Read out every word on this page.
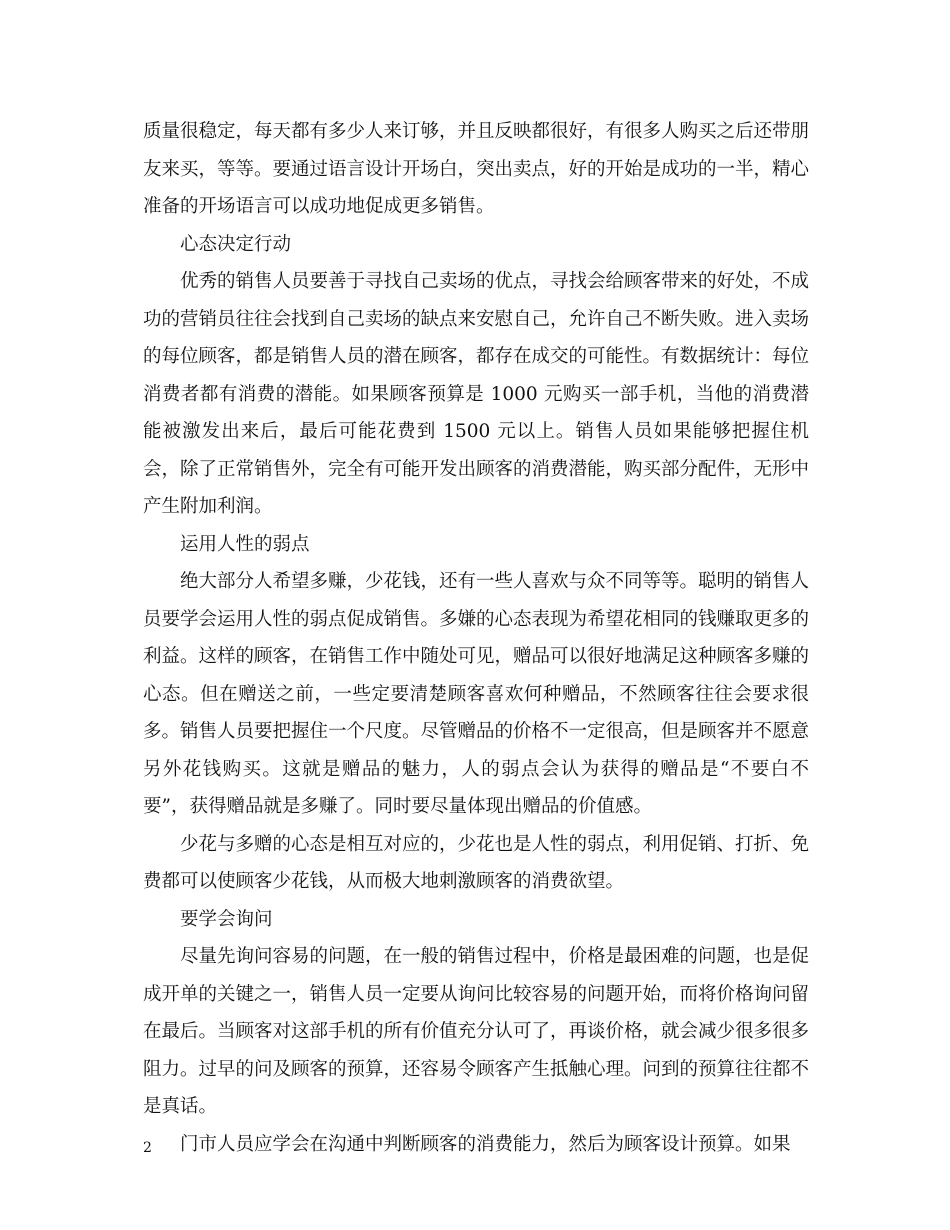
质量很稳定，每天都有多少人来订够，并且反映都很好，有很多人购买之后还带朋友来买，等等。要通过语言设计开场白，突出卖点，好的开始是成功的一半，精心准备的开场语言可以成功地促成更多销售。

心态决定行动

优秀的销售人员要善于寻找自己卖场的优点，寻找会给顾客带来的好处，不成功的营销员往往会找到自己卖场的缺点来安慰自己，允许自己不断失败。进入卖场的每位顾客，都是销售人员的潜在顾客，都存在成交的可能性。有数据统计：每位消费者都有消费的潜能。如果顾客预算是 1000 元购买一部手机，当他的消费潜能被激发出来后，最后可能花费到 1500 元以上。销售人员如果能够把握住机会，除了正常销售外，完全有可能开发出顾客的消费潜能，购买部分配件，无形中产生附加利润。

运用人性的弱点

绝大部分人希望多赚，少花钱，还有一些人喜欢与众不同等等。聪明的销售人员要学会运用人性的弱点促成销售。多嫌的心态表现为希望花相同的钱赚取更多的利益。这样的顾客，在销售工作中随处可见，赠品可以很好地满足这种顾客多赚的心态。但在赠送之前，一些定要清楚顾客喜欢何种赠品，不然顾客往往会要求很多。销售人员要把握住一个尺度。尽管赠品的价格不一定很高，但是顾客并不愿意另外花钱购买。这就是赠品的魅力，人的弱点会认为获得的赠品是“不要白不要”，获得赠品就是多赚了。同时要尽量体现出赠品的价值感。

少花与多赠的心态是相互对应的，少花也是人性的弱点，利用促销、打折、免费都可以使顾客少花钱，从而极大地刺激顾客的消费欲望。

要学会询问

尽量先询问容易的问题，在一般的销售过程中，价格是最困难的问题，也是促成开单的关键之一，销售人员一定要从询问比较容易的问题开始，而将价格询问留在最后。当顾客对这部手机的所有价值充分认可了，再谈价格，就会减少很多很多阻力。过早的问及顾客的预算，还容易令顾客产生抵触心理。问到的预算往往都不是真话。

门市人员应学会在沟通中判断顾客的消费能力，然后为顾客设计预算。如果

2
